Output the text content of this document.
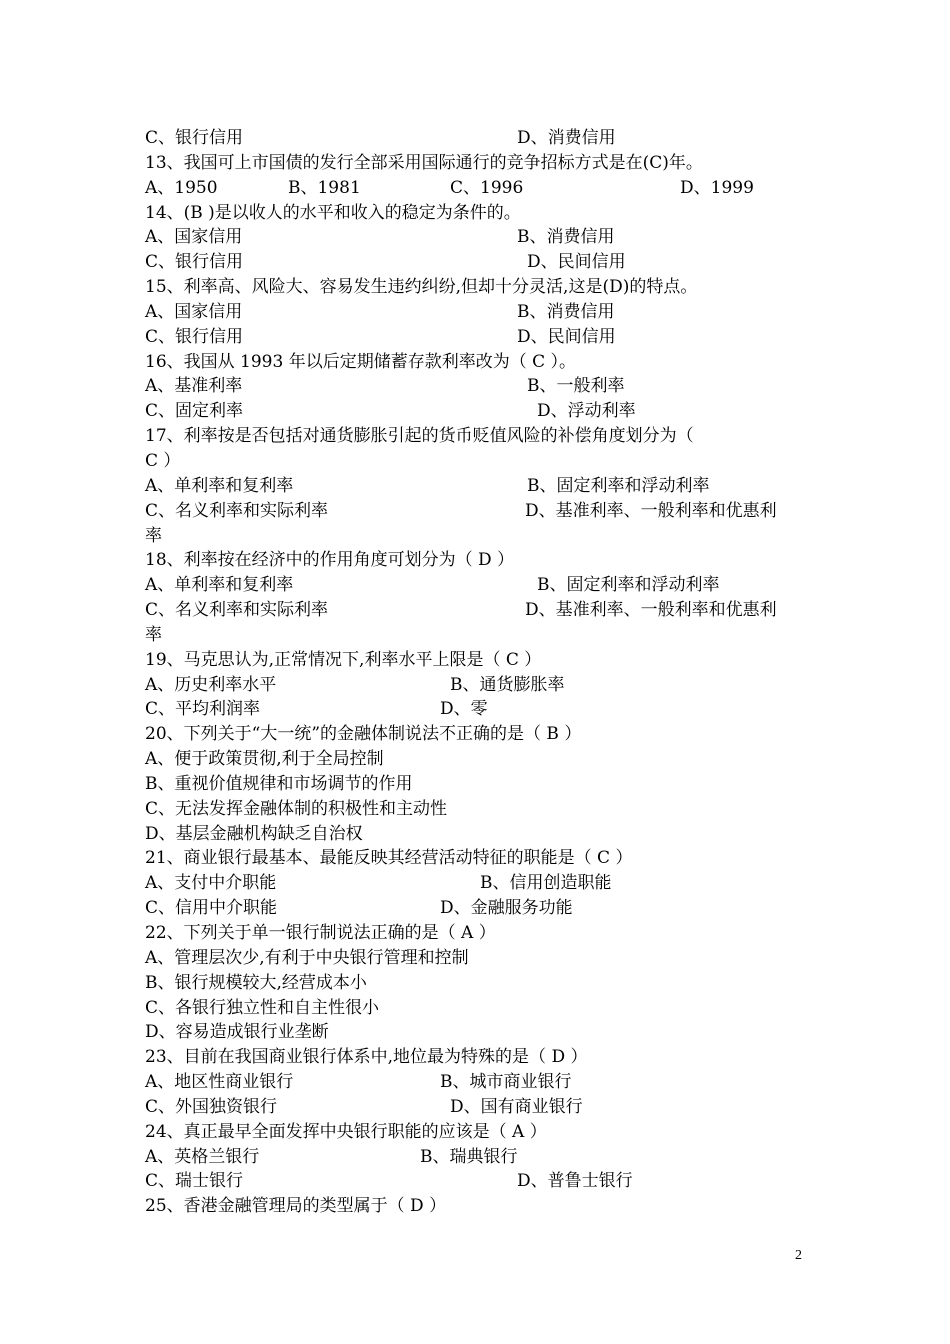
C、银行信用	D、消费信用
13、我国可上市国债的发行全部采用国际通行的竞争招标方式是在(C)年。
A、1950	B、1981	C、1996	D、1999
14、(B )是以收人的水平和收入的稳定为条件的。
A、国家信用	B、消费信用
C、银行信用	D、民间信用
15、利率高、风险大、容易发生违约纠纷,但却十分灵活,这是(D)的特点。
A、国家信用	B、消费信用
C、银行信用	D、民间信用
16、我国从 1993 年以后定期储蓄存款利率改为（ C ）。
A、基准利率	B、一般利率
C、固定利率	D、浮动利率
17、利率按是否包括对通货膨胀引起的货币贬值风险的补偿角度划分为（
C ）
A、单利率和复利率	B、固定利率和浮动利率
C、名义利率和实际利率	D、基准利率、一般利率和优惠利
率
18、利率按在经济中的作用角度可划分为（ D ）
A、单利率和复利率	B、固定利率和浮动利率
C、名义利率和实际利率	D、基准利率、一般利率和优惠利
率
19、马克思认为,正常情况下,利率水平上限是（ C ）
A、历史利率水平	B、通货膨胀率
C、平均利润率	D、零
20、下列关于“大一统”的金融体制说法不正确的是（ B ）
A、便于政策贯彻,利于全局控制
B、重视价值规律和市场调节的作用
C、无法发挥金融体制的积极性和主动性
D、基层金融机构缺乏自治权
21、商业银行最基本、最能反映其经营活动特征的职能是（ C ）
A、支付中介职能	B、信用创造职能
C、信用中介职能	D、金融服务功能
22、下列关于单一银行制说法正确的是（ A ）
A、管理层次少,有利于中央银行管理和控制
B、银行规模较大,经营成本小
C、各银行独立性和自主性很小
D、容易造成银行业垄断
23、目前在我国商业银行体系中,地位最为特殊的是（ D ）
A、地区性商业银行	B、城市商业银行
C、外国独资银行	D、国有商业银行
24、真正最早全面发挥中央银行职能的应该是（ A ）
A、英格兰银行	B、瑞典银行
C、瑞士银行	D、普鲁士银行
25、香港金融管理局的类型属于（ D ）
2
